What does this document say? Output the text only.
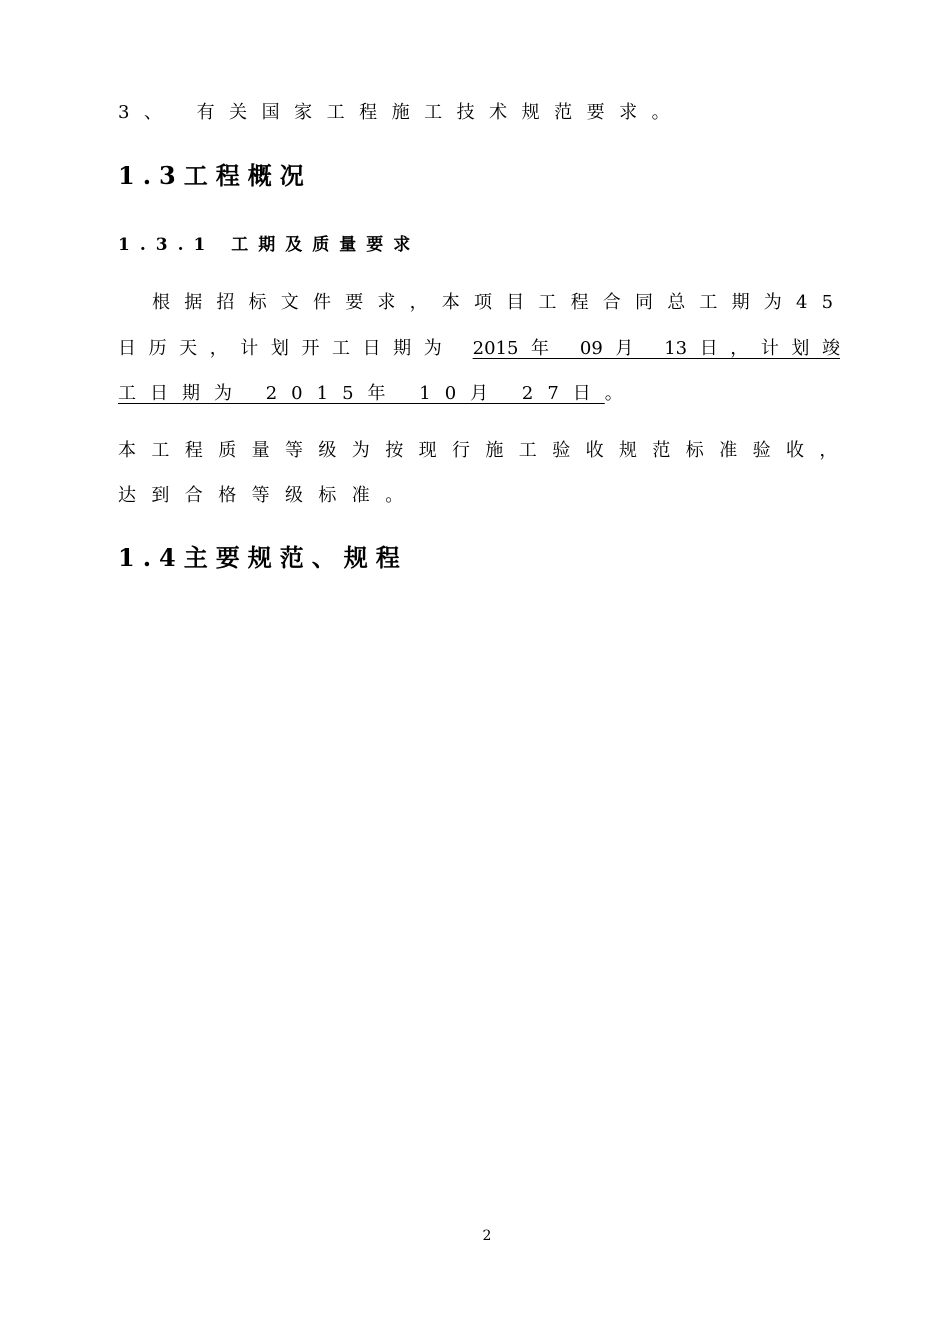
3、 有关国家工程施工技术规范要求。
1.3工程概况
1.3.1 工期及质量要求
根据招标文件要求，本项目工程合同总工期为45
日历天，计划开工日期为 2015年 09月 13日，计划竣
工日期为 2015年 10月 27日。
本工程质量等级为按现行施工验收规范标准验收，
达到合格等级标准。
1.4主要规范、规程
2
